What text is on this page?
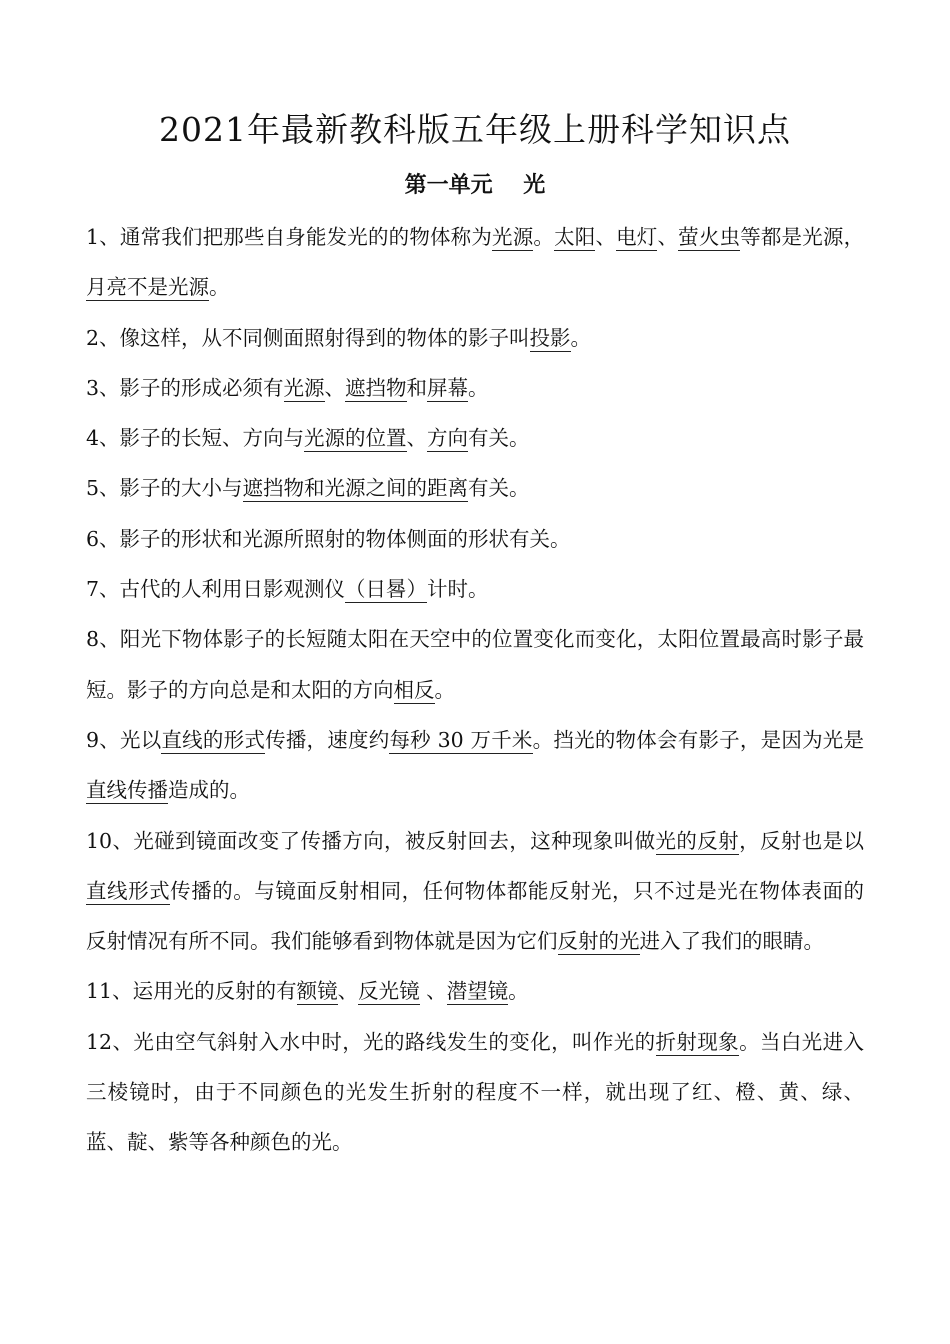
2021年最新教科版五年级上册科学知识点
第一单元    光

1、通常我们把那些自身能发光的的物体称为光源。太阳、电灯、萤火虫等都是光源，月亮不是光源。

2、像这样，从不同侧面照射得到的物体的影子叫投影。

3、影子的形成必须有光源、遮挡物和屏幕。

4、影子的长短、方向与光源的位置、方向有关。

5、影子的大小与遮挡物和光源之间的距离有关。

6、影子的形状和光源所照射的物体侧面的形状有关。

7、古代的人利用日影观测仪（日晷）计时。

8、阳光下物体影子的长短随太阳在天空中的位置变化而变化，太阳位置最高时影子最短。影子的方向总是和太阳的方向相反。

9、光以直线的形式传播，速度约每秒 30 万千米。挡光的物体会有影子，是因为光是直线传播造成的。

10、光碰到镜面改变了传播方向，被反射回去，这种现象叫做光的反射，反射也是以直线形式传播的。与镜面反射相同，任何物体都能反射光，只不过是光在物体表面的反射情况有所不同。我们能够看到物体就是因为它们反射的光进入了我们的眼睛。

11、运用光的反射的有额镜、反光镜 、潜望镜。

12、光由空气斜射入水中时，光的路线发生的变化，叫作光的折射现象。当白光进入三棱镜时，由于不同颜色的光发生折射的程度不一样，就出现了红、橙、黄、绿、蓝、靛、紫等各种颜色的光。
